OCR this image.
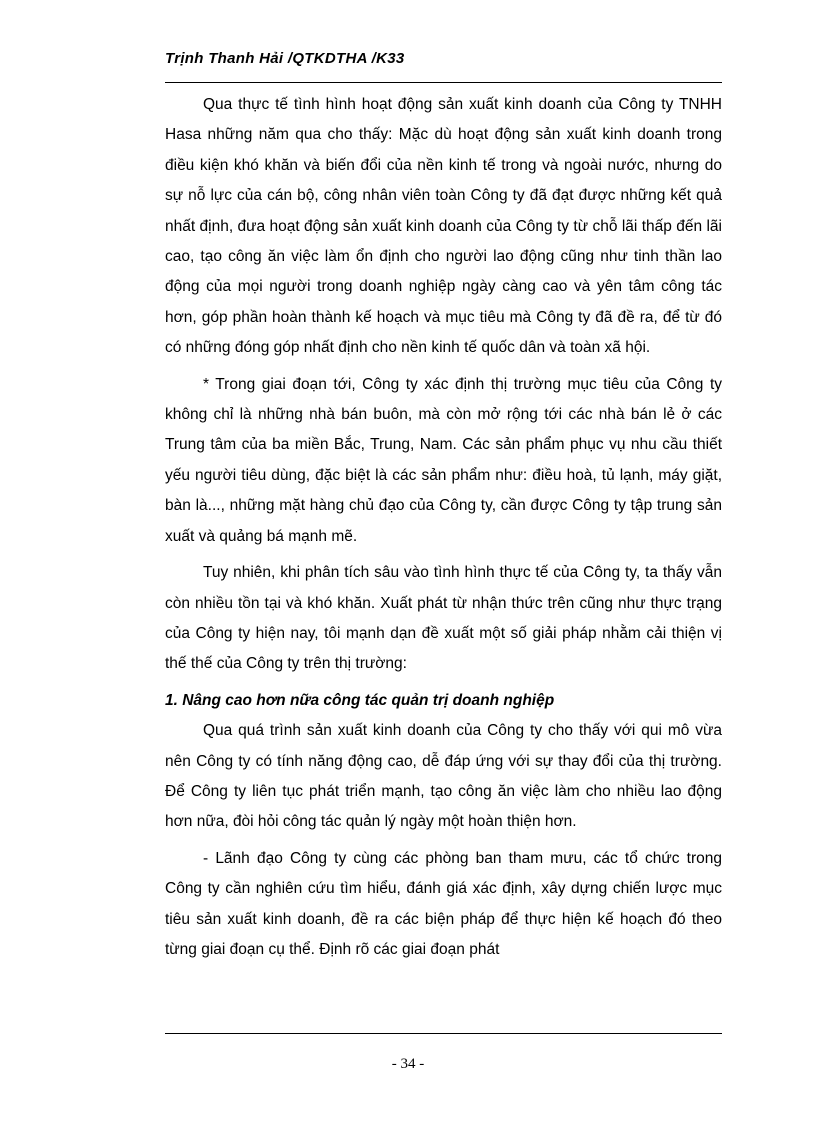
Trịnh Thanh Hải /QTKDTHA /K33

Qua thực tế tình hình hoạt động sản xuất kinh doanh của Công ty TNHH Hasa những năm qua cho thấy: Mặc dù hoạt động sản xuất kinh doanh trong điều kiện khó khăn và biến đổi của nền kinh tế trong và ngoài nước, nhưng do sự nỗ lực của cán bộ, công nhân viên toàn Công ty đã đạt được những kết quả nhất định, đưa hoạt động sản xuất kinh doanh của Công ty từ chỗ lãi thấp đến lãi cao, tạo công ăn việc làm ổn định cho người lao động cũng như tinh thần lao động của mọi người trong doanh nghiệp ngày càng cao và yên tâm công tác hơn, góp phần hoàn thành kế hoạch và mục tiêu mà Công ty đã đề ra, để từ đó có những đóng góp nhất định cho nền kinh tế quốc dân và toàn xã hội.

* Trong giai đoạn tới, Công ty xác định thị trường mục tiêu của Công ty không chỉ là những nhà bán buôn, mà còn mở rộng tới các nhà bán lẻ ở các Trung tâm của ba miền Bắc, Trung, Nam. Các sản phẩm phục vụ nhu cầu thiết yếu người tiêu dùng, đặc biệt là các sản phẩm như: điều hoà, tủ lạnh, máy giặt, bàn là..., những mặt hàng chủ đạo của Công ty, cần được Công ty tập trung sản xuất và quảng bá mạnh mẽ.

Tuy nhiên, khi phân tích sâu vào tình hình thực tế của Công ty, ta thấy vẫn còn nhiều tồn tại và khó khăn. Xuất phát từ nhận thức trên cũng như thực trạng của Công ty hiện nay, tôi mạnh dạn đề xuất một số giải pháp nhằm cải thiện vị thế thế của Công ty trên thị trường:

1. Nâng cao hơn nữa công tác quản trị doanh nghiệp

Qua quá trình sản xuất kinh doanh của Công ty cho thấy với qui mô vừa nên Công ty có tính năng động cao, dễ đáp ứng với sự thay đổi của thị trường. Để Công ty liên tục phát triển mạnh, tạo công ăn việc làm cho nhiều lao động hơn nữa, đòi hỏi công tác quản lý ngày một hoàn thiện hơn.

- Lãnh đạo Công ty cùng các phòng ban tham mưu, các tổ chức trong Công ty cần nghiên cứu tìm hiểu, đánh giá xác định, xây dựng chiến lược mục tiêu sản xuất kinh doanh, đề ra các biện pháp để thực hiện kế hoạch đó theo từng giai đoạn cụ thể. Định rõ các giai đoạn phát

- 34 -
